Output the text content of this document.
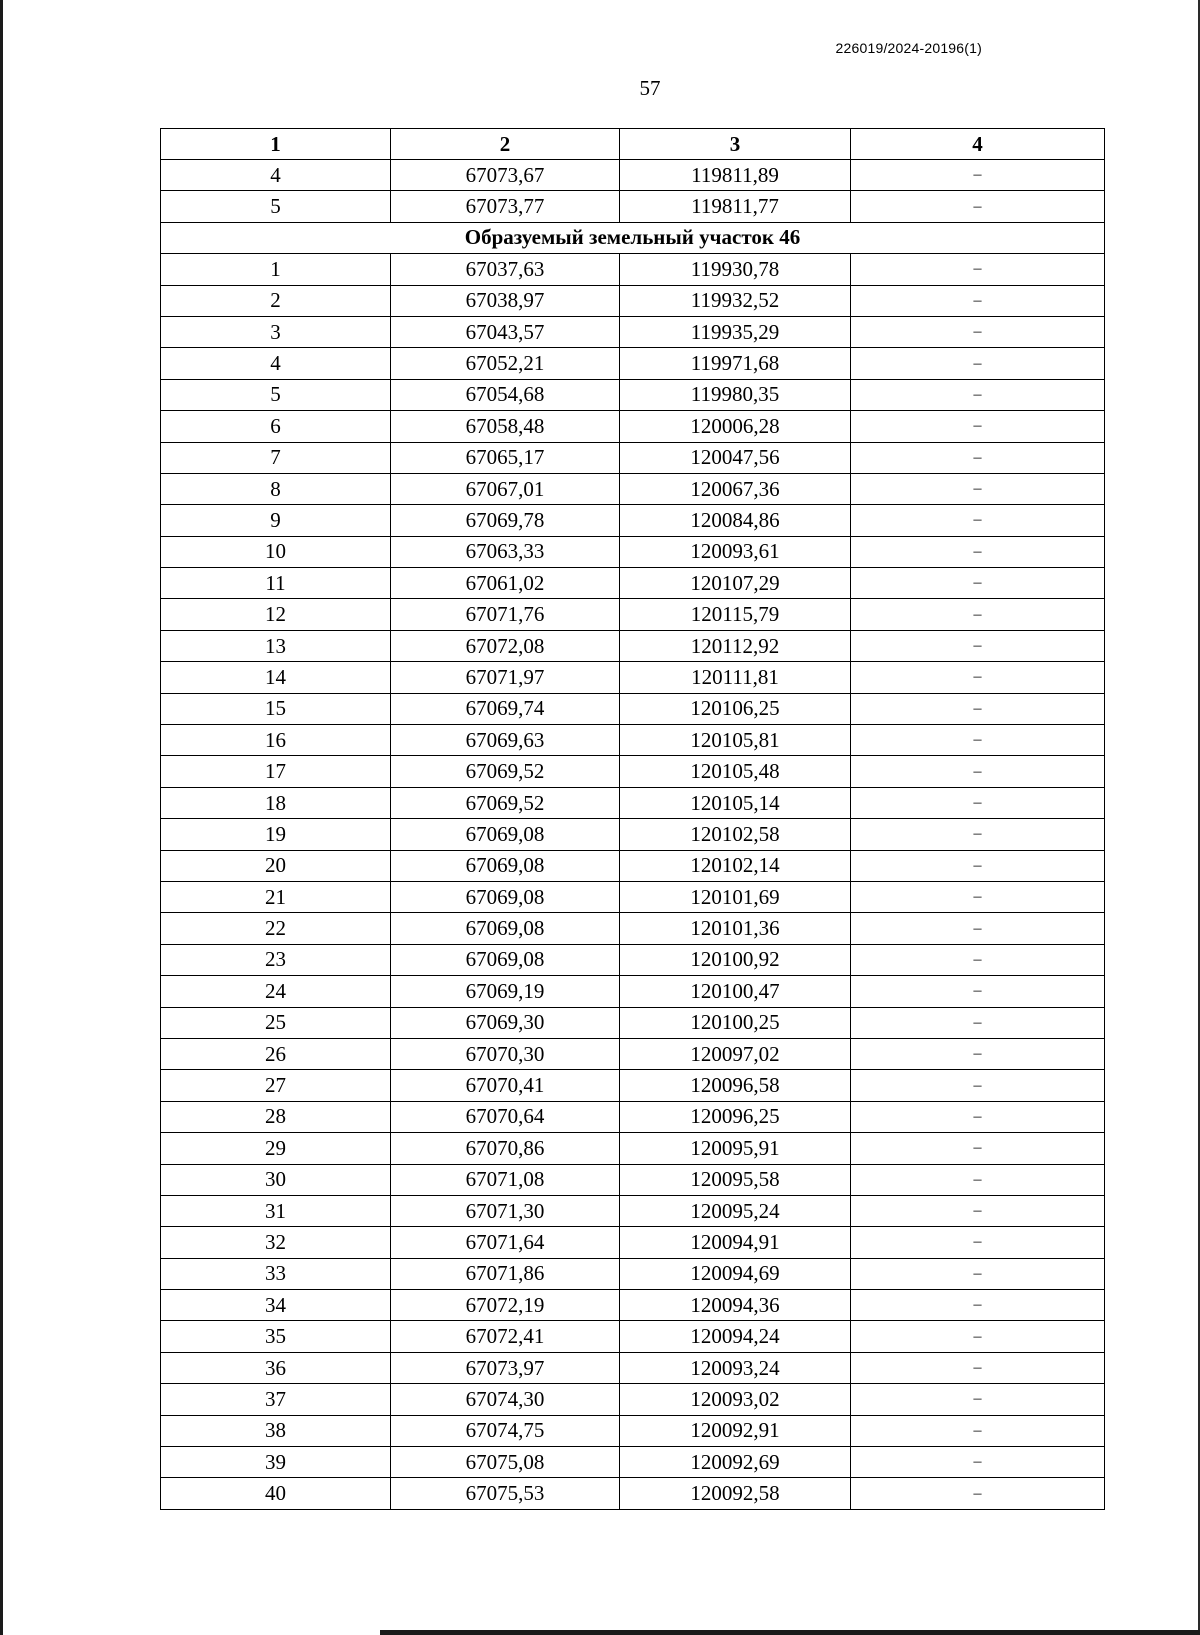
226019/2024-20196(1)
57
1	2	3	4
4	67073,67	119811,89	–
5	67073,77	119811,77	–
Образуемый земельный участок 46			
1	67037,63	119930,78	–
2	67038,97	119932,52	–
3	67043,57	119935,29	–
4	67052,21	119971,68	–
5	67054,68	119980,35	–
6	67058,48	120006,28	–
7	67065,17	120047,56	–
8	67067,01	120067,36	–
9	67069,78	120084,86	–
10	67063,33	120093,61	–
11	67061,02	120107,29	–
12	67071,76	120115,79	–
13	67072,08	120112,92	–
14	67071,97	120111,81	–
15	67069,74	120106,25	–
16	67069,63	120105,81	–
17	67069,52	120105,48	–
18	67069,52	120105,14	–
19	67069,08	120102,58	–
20	67069,08	120102,14	–
21	67069,08	120101,69	–
22	67069,08	120101,36	–
23	67069,08	120100,92	–
24	67069,19	120100,47	–
25	67069,30	120100,25	–
26	67070,30	120097,02	–
27	67070,41	120096,58	–
28	67070,64	120096,25	–
29	67070,86	120095,91	–
30	67071,08	120095,58	–
31	67071,30	120095,24	–
32	67071,64	120094,91	–
33	67071,86	120094,69	–
34	67072,19	120094,36	–
35	67072,41	120094,24	–
36	67073,97	120093,24	–
37	67074,30	120093,02	–
38	67074,75	120092,91	–
39	67075,08	120092,69	–
40	67075,53	120092,58	–
